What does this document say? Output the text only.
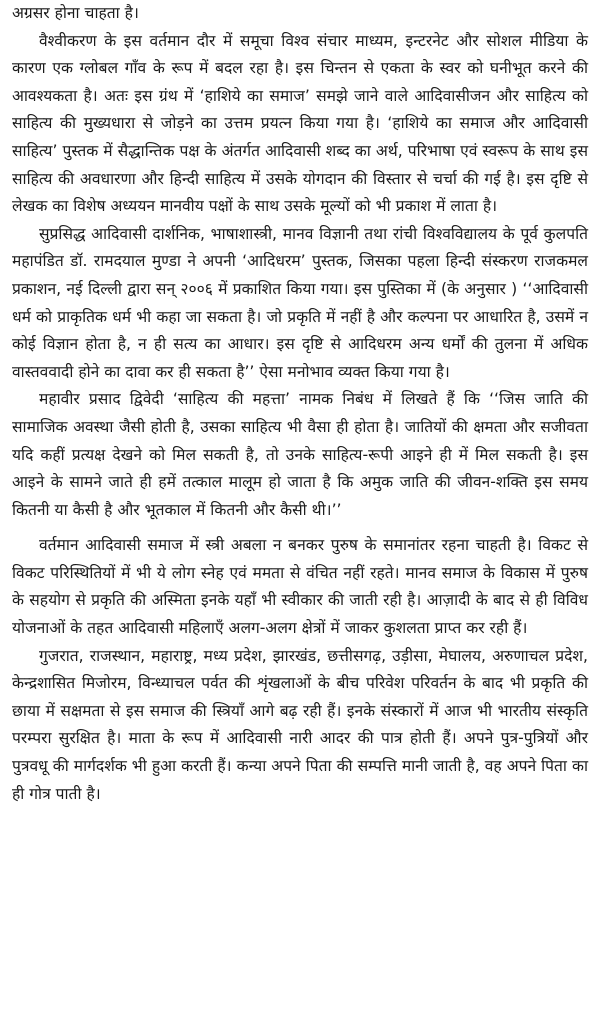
अग्रसर होना चाहता है।

वैश्वीकरण के इस वर्तमान दौर में समूचा विश्व संचार माध्यम, इन्टरनेट और सोशल मीडिया के कारण एक ग्लोबल गाँव के रूप में बदल रहा है। इस चिन्तन से एकता के स्वर को घनीभूत करने की आवश्यकता है। अतः इस ग्रंथ में ‘हाशिये का समाज’ समझे जाने वाले आदिवासीजन और साहित्य को साहित्य की मुख्यधारा से जोड़ने का उत्तम प्रयत्न किया गया है। ‘हाशिये का समाज और आदिवासी साहित्य’ पुस्तक में सैद्धान्तिक पक्ष के अंतर्गत आदिवासी शब्द का अर्थ, परिभाषा एवं स्वरूप के साथ इस साहित्य की अवधारणा और हिन्दी साहित्य में उसके योगदान की विस्तार से चर्चा की गई है। इस दृष्टि से लेखक का विशेष अध्ययन मानवीय पक्षों के साथ उसके मूल्यों को भी प्रकाश में लाता है।

सुप्रसिद्ध आदिवासी दार्शनिक, भाषाशास्त्री, मानव विज्ञानी तथा रांची विश्वविद्यालय के पूर्व कुलपति महापंडित डॉ. रामदयाल मुण्डा ने अपनी ‘आदिधरम’ पुस्तक, जिसका पहला हिन्दी संस्करण राजकमल प्रकाशन, नई दिल्ली द्वारा सन् २००६ में प्रकाशित किया गया। इस पुस्तिका में (के अनुसार ) ‘‘आदिवासी धर्म को प्राकृतिक धर्म भी कहा जा सकता है। जो प्रकृति में नहीं है और कल्पना पर आधारित है, उसमें न कोई विज्ञान होता है, न ही सत्य का आधार। इस दृष्टि से आदिधरम अन्य धर्मों की तुलना में अधिक वास्तववादी होने का दावा कर ही सकता है’’ ऐसा मनोभाव व्यक्त किया गया है।

महावीर प्रसाद द्विवेदी ‘साहित्य की महत्ता’ नामक निबंध में लिखते हैं कि ‘‘जिस जाति की सामाजिक अवस्था जैसी होती है, उसका साहित्य भी वैसा ही होता है। जातियों की क्षमता और सजीवता यदि कहीं प्रत्यक्ष देखने को मिल सकती है, तो उनके साहित्य-रूपी आइने ही में मिल सकती है। इस आइने के सामने जाते ही हमें तत्काल मालूम हो जाता है कि अमुक जाति की जीवन-शक्ति इस समय कितनी या कैसी है और भूतकाल में कितनी और कैसी थी।’’

वर्तमान आदिवासी समाज में स्त्री अबला न बनकर पुरुष के समानांतर रहना चाहती है। विकट से विकट परिस्थितियों में भी ये लोग स्नेह एवं ममता से वंचित नहीं रहते। मानव समाज के विकास में पुरुष के सहयोग से प्रकृति की अस्मिता इनके यहाँ भी स्वीकार की जाती रही है। आज़ादी के बाद से ही विविध योजनाओं के तहत आदिवासी महिलाएँ अलग-अलग क्षेत्रों में जाकर कुशलता प्राप्त कर रही हैं।

गुजरात, राजस्थान, महाराष्ट्र, मध्य प्रदेश, झारखंड, छत्तीसगढ़, उड़ीसा, मेघालय, अरुणाचल प्रदेश, केन्द्रशासित मिजोरम, विन्ध्याचल पर्वत की शृंखलाओं के बीच परिवेश परिवर्तन के बाद भी प्रकृति की छाया में सक्षमता से इस समाज की स्त्रियाँ आगे बढ़ रही हैं। इनके संस्कारों में आज भी भारतीय संस्कृति परम्परा सुरक्षित है। माता के रूप में आदिवासी नारी आदर की पात्र होती हैं। अपने पुत्र-पुत्रियों और पुत्रवधू की मार्गदर्शक भी हुआ करती हैं। कन्या अपने पिता की सम्पत्ति मानी जाती है, वह अपने पिता का ही गोत्र पाती है।
